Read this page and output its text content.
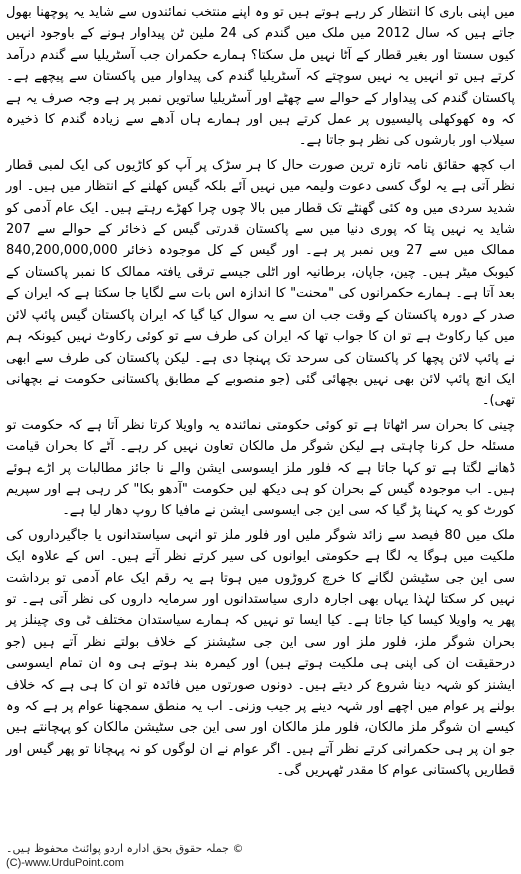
میں اپنی باری کا انتظار کر رہے ہوتے ہیں تو وہ اپنے منتخب نمائندوں سے شاید یہ پوچھنا بھول جاتے ہیں کہ سال 2012 میں ملک میں گندم کی 24 ملین ٹن پیداوار ہونے کے باوجود انہیں کیوں سستا اور بغیر قطار کے آٹا نہیں مل سکتا؟ ہمارے حکمران جب آسٹریلیا سے گندم درآمد کرتے ہیں تو انہیں یہ نہیں سوچتے کہ آسٹریلیا گندم کی پیداوار میں پاکستان سے پیچھے ہے۔ پاکستان گندم کی پیداوار کے حوالے سے چھٹے اور آسٹریلیا ساتویں نمبر پر ہے وجہ صرف یہ ہے کہ وہ کھوکھلی پالیسیوں پر عمل کرتے ہیں اور ہمارے ہاں آدھے سے زیادہ گندم کا ذخیرہ سیلاب اور بارشوں کی نظر ہو جاتا ہے۔

اب کچھ حقائق نامہ تازہ ترین صورت حال کا ہر سڑک پر آپ کو کاڑیوں کی ایک لمبی قطار نظر آتی ہے یہ لوگ کسی دعوت ولیمہ میں نہیں آئے بلکہ گیس کھلنے کے انتظار میں ہیں۔ اور شدید سردی میں وہ کئی گھنٹے تک قطار میں بالا چوں چرا کھڑے رہتے ہیں۔ ایک عام آدمی کو شاید یہ نہیں پتا کہ پوری دنیا میں سے پاکستان قدرتی گیس کے ذخائر کے حوالے سے 207 ممالک میں سے 27 ویں نمبر پر ہے۔ اور گیس کے کل موجودہ ذخائر 840,200,000,000 کیوبک میٹر ہیں۔ چین، جاپان، برطانیہ اور اٹلی جیسے ترقی یافتہ ممالک کا نمبر پاکستان کے بعد آتا ہے۔ ہمارے حکمرانوں کی "محنت" کا اندازہ اس بات سے لگایا جا سکتا ہے کہ ایران کے صدر کے دورہ پاکستان کے وقت جب ان سے یہ سوال کیا گیا کہ ایران پاکستان گیس پائپ لائن میں کیا رکاوٹ ہے تو ان کا جواب تھا کہ ایران کی طرف سے تو کوئی رکاوٹ نہیں کیونکہ ہم نے پائپ لائن پچھا کر پاکستان کی سرحد تک پہنچا دی ہے۔ لیکن پاکستان کی طرف سے ابھی ایک انچ پائپ لائن بھی نہیں بچھائی گئی (جو منصوبے کے مطابق پاکستانی حکومت نے بچھانی تھی)۔

چینی کا بحران سر اٹھاتا ہے تو کوئی حکومتی نمائندہ یہ واویلا کرتا نظر آتا ہے کہ حکومت تو مسئلہ حل کرنا چاہتی ہے لیکن شوگر مل مالکان تعاون نہیں کر رہے۔ آٹے کا بحران قیامت ڈھانے لگتا ہے تو کہا جاتا ہے کہ فلور ملز ایسوسی ایشن والے نا جائز مطالبات پر اڑے ہوئے ہیں۔ اب موجودہ گیس کے بحران کو ہی دیکھ لیں حکومت "آدھو بکا" کر رہی ہے اور سپریم کورٹ کو یہ کہنا پڑ گیا کہ سی این جی ایسوسی ایشن نے مافیا کا روپ دھار لیا ہے۔

ملک میں 80 فیصد سے زائد شوگر ملیں اور فلور ملز تو انہی سیاستدانوں یا جاگیرداروں کی ملکیت میں ہوگا یہ لگا ہے حکومتی ایوانوں کی سیر کرتے نظر آتے ہیں۔ اس کے علاوہ ایک سی این جی سٹیشن لگانے کا خرچ کروڑوں میں ہوتا ہے یہ رقم ایک عام آدمی تو برداشت نہیں کر سکتا لہٰذا یہاں بھی اجارہ داری سیاستدانوں اور سرمایہ داروں کی نظر آتی ہے۔ تو پھر یہ واویلا کیسا کیا جاتا ہے۔ کیا ایسا تو نہیں کہ ہمارے سیاستدان مختلف ٹی وی چینلز پر بحران شوگر ملز، فلور ملز اور سی این جی سٹیشنز کے خلاف بولتے نظر آتے ہیں (جو درحقیقت ان کی اپنی ہی ملکیت ہوتے ہیں) اور کیمرہ بند ہوتے ہی وہ ان تمام ایسوسی ایشنز کو شہہ دینا شروع کر دیتے ہیں۔ دونوں صورتوں میں فائدہ تو ان کا ہی ہے کہ خلاف بولنے پر عوام میں اچھے اور شہہ دینے پر جیب وزنی۔ اب یہ منطق سمجھنا عوام پر ہے کہ وہ کیسے ان شوگر ملز مالکان، فلور ملز مالکان اور سی این جی سٹیشن مالکان کو پہچانتے ہیں جو ان پر ہی حکمرانی کرتے نظر آتے ہیں۔ اگر عوام نے ان لوگوں کو نہ پہچانا تو پھر گیس اور قطاریں پاکستانی عوام کا مقدر ٹھہریں گی۔

© جملہ حقوق بحق ادارہ اردو پوائنٹ محفوظ ہیں۔
(C)-www.UrduPoint.com
